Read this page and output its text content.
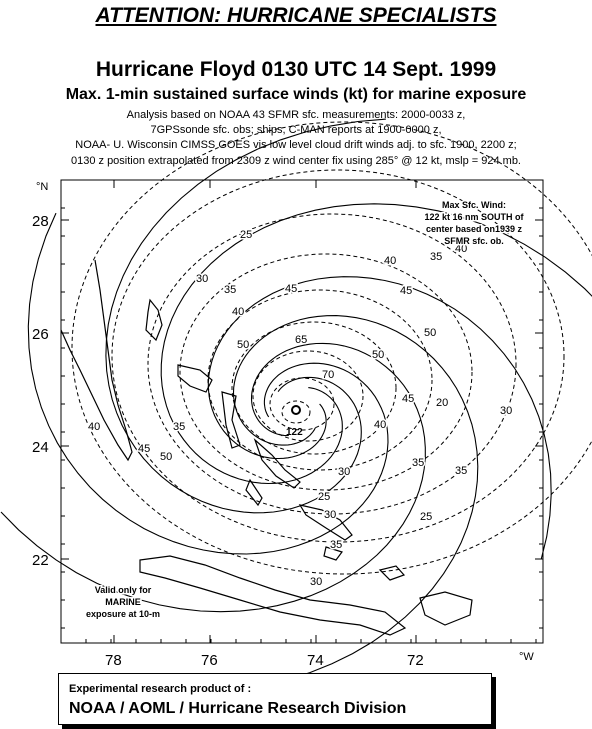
ATTENTION: HURRICANE SPECIALISTS
Hurricane Floyd 0130 UTC 14 Sept. 1999
Max. 1-min sustained surface winds (kt) for marine exposure
Analysis based on NOAA 43 SFMR sfc. measurements: 2000-0033 z,
7GPSsonde sfc. obs; ships, C-MAN reports at 1900-0000 z,
NOAA- U. Wisconsin CIMSS GOES vis low level cloud drift winds adj. to sfc. 1900, 2200 z;
0130 z position extrapolated from 2309 z wind center fix using 285° @ 12 kt, mslp = 924 mb.
25
30
35
40
45
50	65
70
50
45
40
35
30
25
30
35
40
45
50
20
35
40
45
50
35
30
35
40
30
25
122
28
26
24
22
78	76	74	72
°N
°W
Max Sfc. Wind:
122 kt 16 nm SOUTH of
center based on1939 z
SFMR sfc. ob.
Valid only for
MARINE
exposure at 10-m
Experimental research product of :
NOAA / AOML / Hurricane Research Division
